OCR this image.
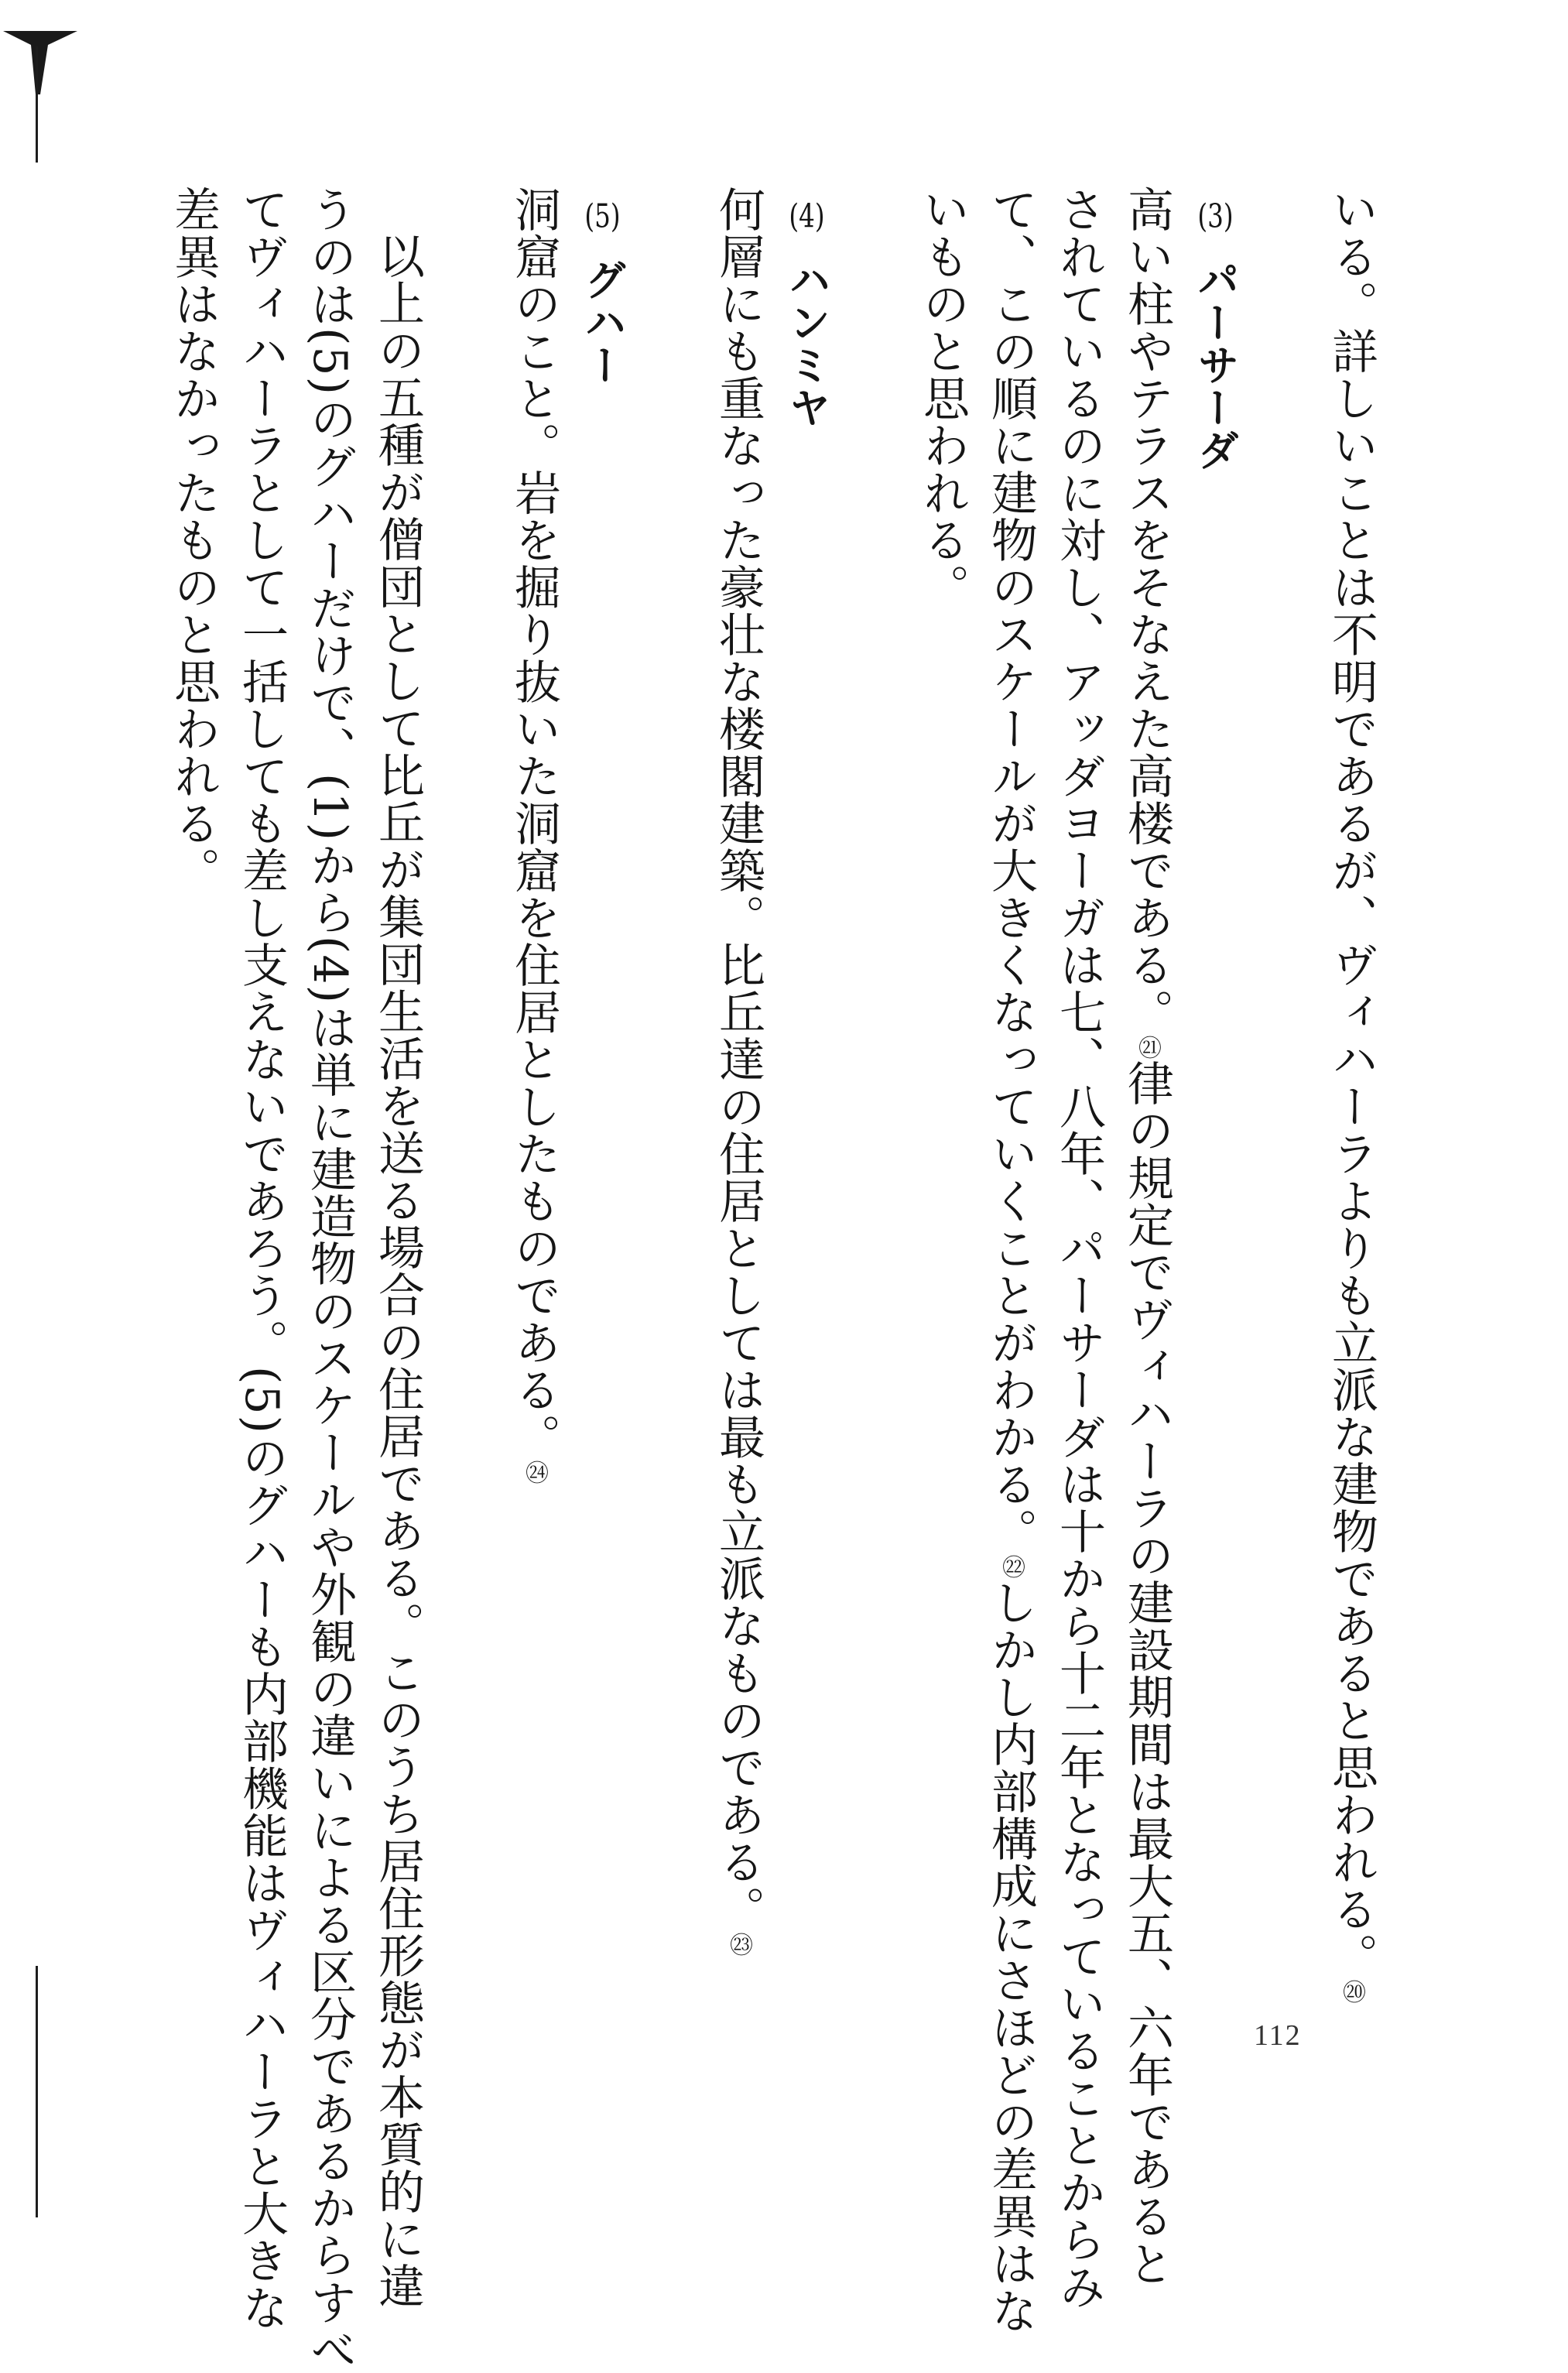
いる。詳しいことは不明であるが、ヴィハーラよりも立派な建物であると思われる。⑳

(3)パーサーダ

高い柱やテラスをそなえた高楼である。$^㉑$律の規定でヴィハーラの建設期間は最大五、六年であると

されているのに対し、アッダヨーガは七、八年、パーサーダは十から十二年となっていることからみ

て、この順に建物のスケールが大きくなっていくことがわかる。$^㉒$しかし内部構成にさほどの差異はな

いものと思われる。

(4)ハンミヤ

何層にも重なった豪壮な楼閣建築。比丘達の住居としては最も立派なものである。$^㉓$

(5)グハー

洞窟のこと。岩を掘り抜いた洞窟を住居としたものである。$^㉔$

以上の五種が僧団として比丘が集団生活を送る場合の住居である。このうち居住形態が本質的に違

うのは(5)のグハーだけで、(1)から(4)は単に建造物のスケールや外観の違いによる区分であるからすべ

てヴィハーラとして一括しても差し支えないであろう。(5)のグハーも内部機能はヴィハーラと大きな

差異はなかったものと思われる。

112
